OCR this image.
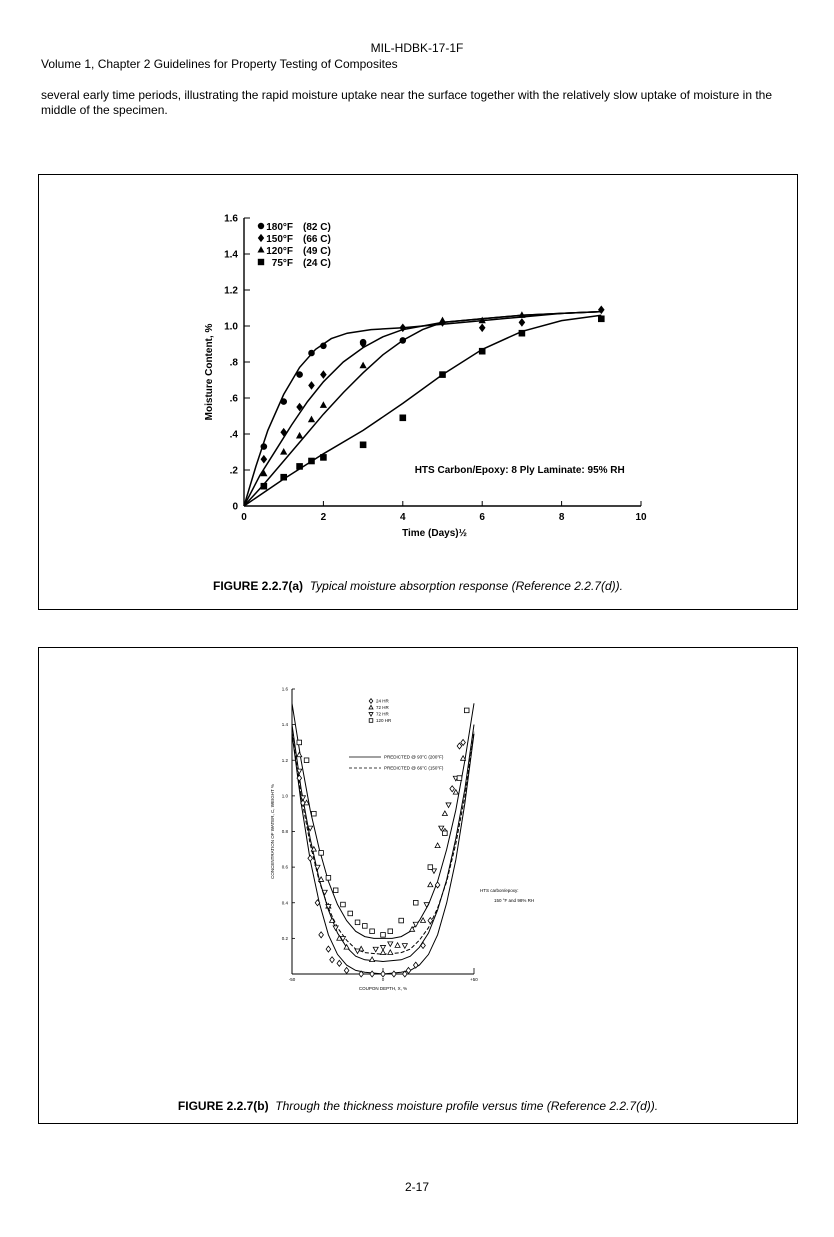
MIL-HDBK-17-1F
Volume 1, Chapter 2 Guidelines for Property Testing of Composites
several early time periods, illustrating the rapid moisture uptake near the surface together with the relatively slow uptake of moisture in the middle of the specimen.
0	2	4	6	8	10
0
.2
.4
.6
.8
1.0
1.2
1.4
1.6
Time (Days)½
Moisture Content, %
180°F (82 C)
150°F (66 C)
120°F (49 C)
75°F (24 C)
HTS Carbon/Epoxy: 8 Ply Laminate: 95% RH
FIGURE 2.2.7(a) Typical moisture absorption response (Reference 2.2.7(d)).
-50	0	+50
0.2
0.4
0.6
0.8
1.0
1.2
1.4
1.6
COUPON DEPTH, X, %
CONCENTRATION OF WATER, C, WEIGHT %
24 HR
72 HR
72 HR
120 HR
PREDICTED @ 93°C (200°F)
PREDICTED @ 66°C (150°F)
HTS carbon/epoxy:
150 °F and 98% RH
FIGURE 2.2.7(b) Through the thickness moisture profile versus time (Reference 2.2.7(d)).
2-17
